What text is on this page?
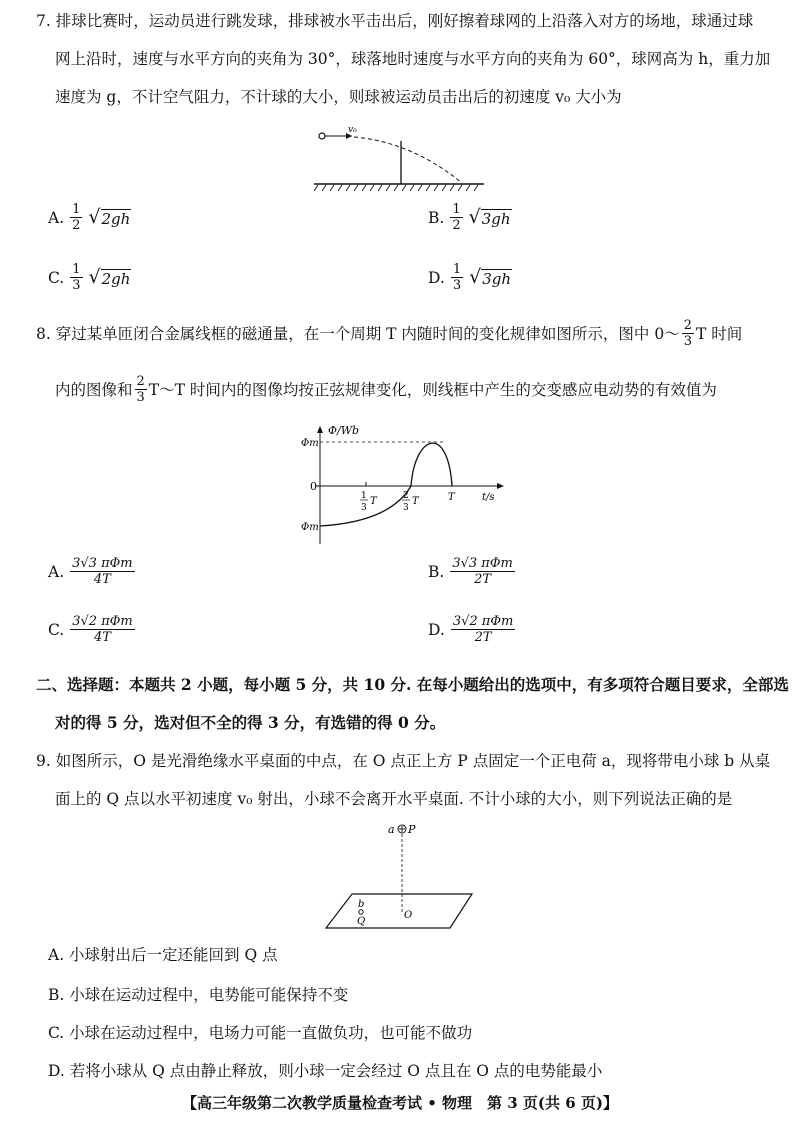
7. 排球比赛时，运动员进行跳发球，排球被水平击出后，刚好擦着球网的上沿落入对方的场地，球通过球
网上沿时，速度与水平方向的夹角为 30°，球落地时速度与水平方向的夹角为 60°，球网高为 h，重力加
速度为 g，不计空气阻力，不计球的大小，则球被运动员击出后的初速度 v₀ 大小为
v₀
A. $\frac{1}{2}$ √ 2gh	B. $\frac{1}{2}$ √ 3gh
C. $\frac{1}{3}$ √ 2gh	D. $\frac{1}{3}$ √ 3gh
8. 穿过某单匝闭合金属线框的磁通量，在一个周期 T 内随时间的变化规律如图所示，图中 0～ $\frac{2}{3}$ T 时间
内的图像和 $\frac{2}{3}$ T～T 时间内的图像均按正弦规律变化，则线框中产生的交变感应电动势的有效值为
Φ/Wb
t/s
Φm
Φm
0
1
3
T	2
3
T	T
A. $\frac{\text{3√3 πΦm}}{4T}$	B. $\frac{\text{3√3 πΦm}}{2T}$
C. $\frac{\text{3√2 πΦm}}{4T}$	D. $\frac{\text{3√2 πΦm}}{2T}$
二、选择题：本题共 2 小题，每小题 5 分，共 10 分. 在每小题给出的选项中，有多项符合题目要求，全部选
对的得 5 分，选对但不全的得 3 分，有选错的得 0 分。
9. 如图所示，O 是光滑绝缘水平桌面的中点，在 O 点正上方 P 点固定一个正电荷 a，现将带电小球 b 从桌
面上的 Q 点以水平初速度 v₀ 射出，小球不会离开水平桌面. 不计小球的大小，则下列说法正确的是
a P
b
Q
O
A. 小球射出后一定还能回到 Q 点
B. 小球在运动过程中，电势能可能保持不变
C. 小球在运动过程中，电场力可能一直做负功，也可能不做功
D. 若将小球从 Q 点由静止释放，则小球一定会经过 O 点且在 O 点的电势能最小
【高三年级第二次教学质量检查考试 • 物理　第 3 页(共 6 页)】
